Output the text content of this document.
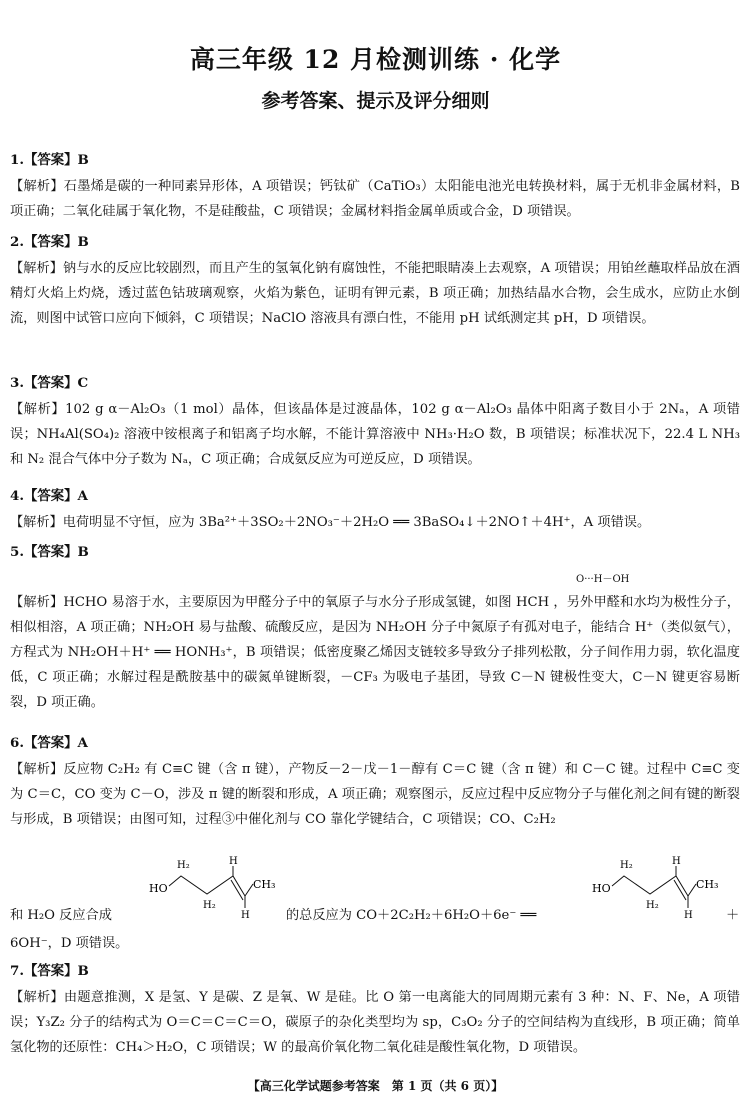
高三年级 12 月检测训练 · 化学
参考答案、提示及评分细则
1.【答案】B
【解析】石墨烯是碳的一种同素异形体，A 项错误；钙钛矿（CaTiO₃）太阳能电池光电转换材料，属于无机非金属材料，B 项正确；二氧化硅属于氧化物，不是硅酸盐，C 项错误；金属材料指金属单质或合金，D 项错误。
2.【答案】B
【解析】钠与水的反应比较剧烈，而且产生的氢氧化钠有腐蚀性，不能把眼睛凑上去观察，A 项错误；用铂丝蘸取样品放在酒精灯火焰上灼烧，透过蓝色钴玻璃观察，火焰为紫色，证明有钾元素，B 项正确；加热结晶水合物，会生成水，应防止水倒流，则图中试管口应向下倾斜，C 项错误；NaClO 溶液具有漂白性，不能用 pH 试纸测定其 pH，D 项错误。
3.【答案】C
【解析】102 g α－Al₂O₃（1 mol）晶体，但该晶体是过渡晶体，102 g α－Al₂O₃ 晶体中阳离子数目小于 2Nₐ，A 项错误；NH₄Al(SO₄)₂ 溶液中铵根离子和铝离子均水解，不能计算溶液中 NH₃·H₂O 数，B 项错误；标准状况下，22.4 L NH₃ 和 N₂ 混合气体中分子数为 Nₐ，C 项正确；合成氨反应为可逆反应，D 项错误。
4.【答案】A
【解析】电荷明显不守恒，应为 3Ba²⁺＋3SO₂＋2NO₃⁻＋2H₂O ══ 3BaSO₄↓＋2NO↑＋4H⁺，A 项错误。
5.【答案】B
O···H－OH
【解析】HCHO 易溶于水，主要原因为甲醛分子中的氧原子与水分子形成氢键，如图 HCH ，另外甲醛和水均为极性分子，相似相溶，A 项正确；NH₂OH 易与盐酸、硫酸反应，是因为 NH₂OH 分子中氮原子有孤对电子，能结合 H⁺（类似氨气），方程式为 NH₂OH＋H⁺ ══ HONH₃⁺，B 项错误；低密度聚乙烯因支链较多导致分子排列松散，分子间作用力弱，软化温度低，C 项正确；水解过程是酰胺基中的碳氮单键断裂，－CF₃ 为吸电子基团，导致 C－N 键极性变大，C－N 键更容易断裂，D 项正确。
6.【答案】A
【解析】反应物 C₂H₂ 有 C≡C 键（含 π 键），产物反－2－戊－1－醇有 C＝C 键（含 π 键）和 C－C 键。过程中 C≡C 变为 C＝C，CO 变为 C－O，涉及 π 键的断裂和形成，A 项正确；观察图示，反应过程中反应物分子与催化剂之间有键的断裂与形成，B 项错误；由图可知，过程③中催化剂与 CO 靠化学键结合，C 项错误；CO、C₂H₂
HO
H₂
H₂
H
CH₃
H
和 H₂O 反应合成	的总反应为 CO＋2C₂H₂＋6H₂O＋6e⁻ ══
HO
H₂
H₂
H
CH₃
H	＋
6OH⁻，D 项错误。
7.【答案】B
【解析】由题意推测，X 是氢、Y 是碳、Z 是氧、W 是硅。比 O 第一电离能大的同周期元素有 3 种：N、F、Ne，A 项错误；Y₃Z₂ 分子的结构式为 O＝C＝C＝C＝O，碳原子的杂化类型均为 sp，C₃O₂ 分子的空间结构为直线形，B 项正确；简单氢化物的还原性：CH₄＞H₂O，C 项错误；W 的最高价氧化物二氧化硅是酸性氧化物，D 项错误。
【高三化学试题参考答案　第 1 页（共 6 页）】
